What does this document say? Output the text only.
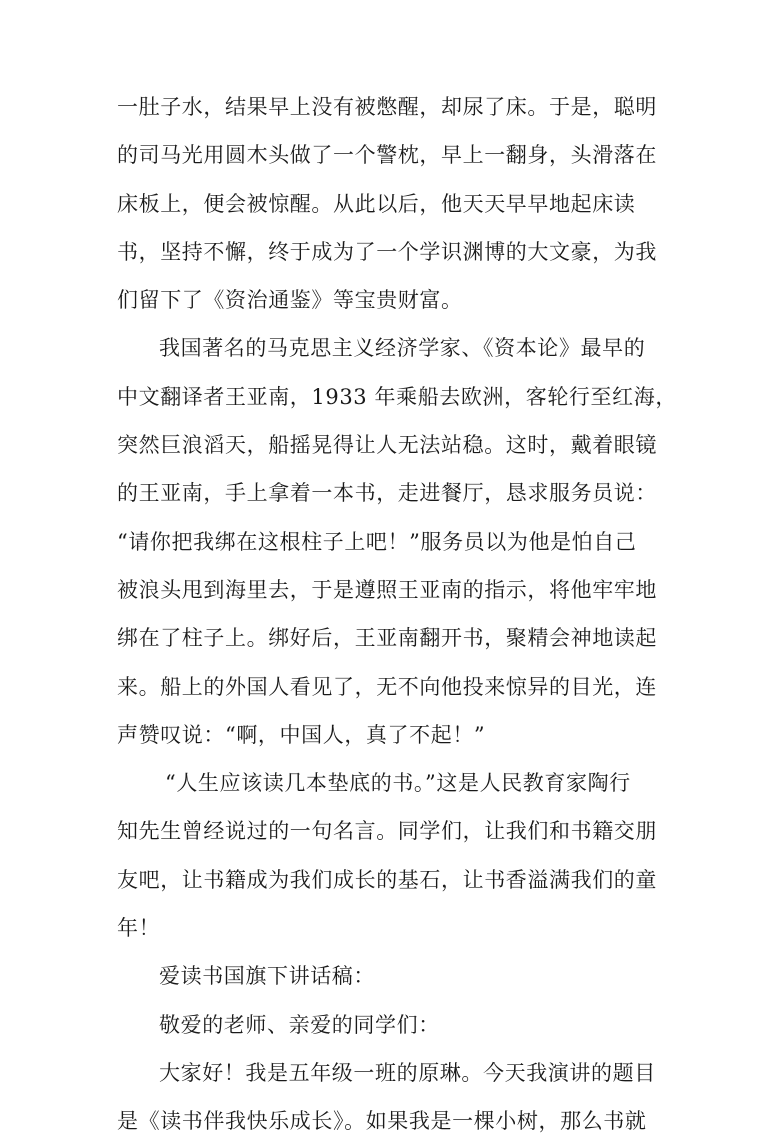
一肚子水，结果早上没有被憋醒，却尿了床。于是，聪明
的司马光用圆木头做了一个警枕，早上一翻身，头滑落在
床板上，便会被惊醒。从此以后，他天天早早地起床读
书，坚持不懈，终于成为了一个学识渊博的大文豪，为我
们留下了《资治通鉴》等宝贵财富。
我国著名的马克思主义经济学家、《资本论》最早的
中文翻译者王亚南，1933 年乘船去欧洲，客轮行至红海，
突然巨浪滔天，船摇晃得让人无法站稳。这时，戴着眼镜
的王亚南，手上拿着一本书，走进餐厅，恳求服务员说：
“请你把我绑在这根柱子上吧！”服务员以为他是怕自己
被浪头甩到海里去，于是遵照王亚南的指示，将他牢牢地
绑在了柱子上。绑好后，王亚南翻开书，聚精会神地读起
来。船上的外国人看见了，无不向他投来惊异的目光，连
声赞叹说：“啊，中国人，真了不起！”
“人生应该读几本垫底的书。”这是人民教育家陶行
知先生曾经说过的一句名言。同学们，让我们和书籍交朋
友吧，让书籍成为我们成长的基石，让书香溢满我们的童
年！
爱读书国旗下讲话稿：
敬爱的老师、亲爱的同学们：
大家好！我是五年级一班的原琳。今天我演讲的题目
是《读书伴我快乐成长》。如果我是一棵小树，那么书就
